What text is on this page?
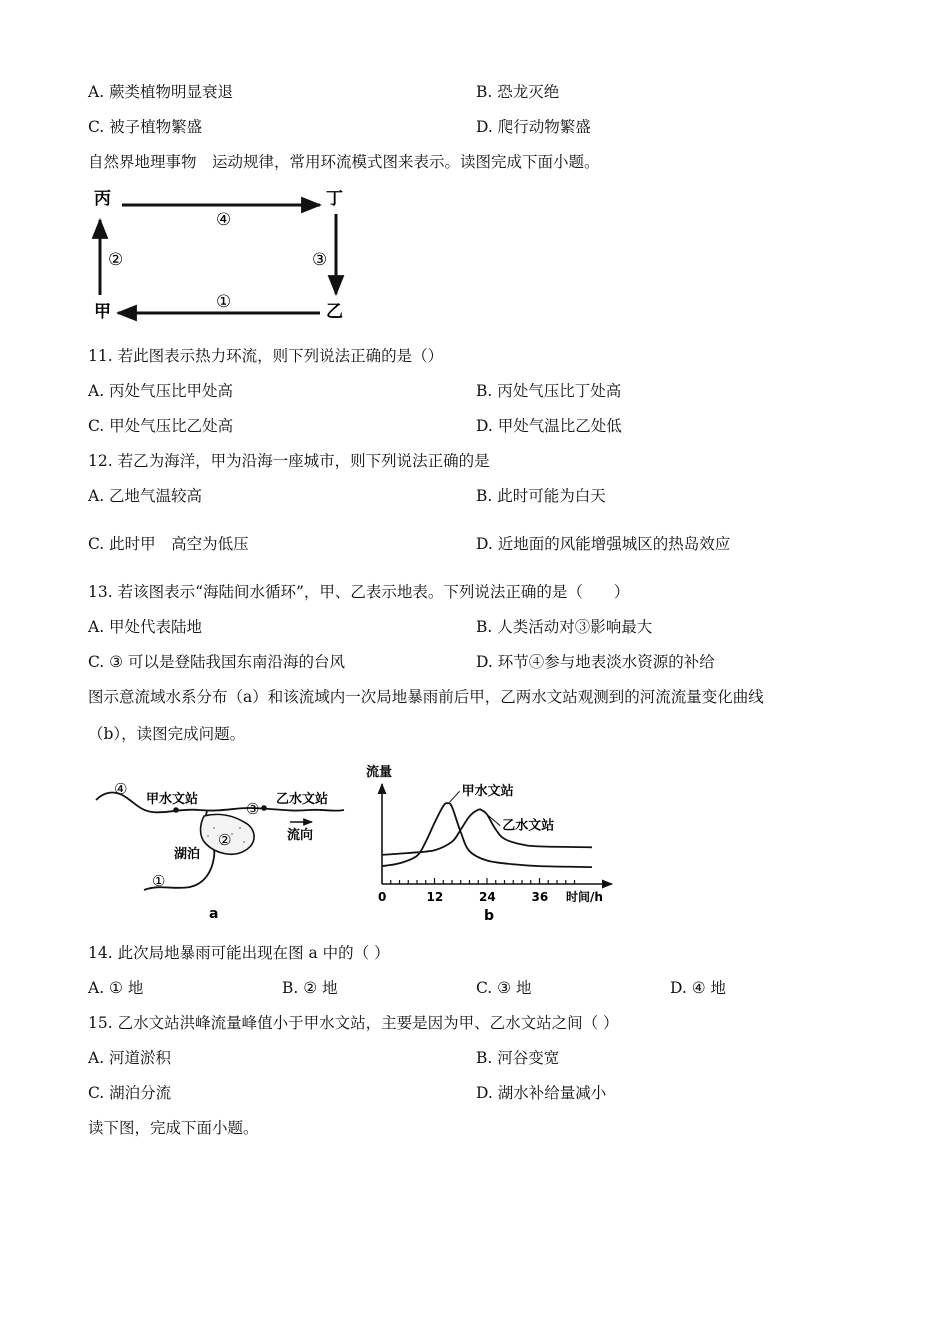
A. 蕨类植物明显衰退	B. 恐龙灭绝
C. 被子植物繁盛	D. 爬行动物繁盛
自然界地理事物　运动规律，常用环流模式图来表示。读图完成下面小题。
丙	丁
甲	乙
④
③
②
①
11. 若此图表示热力环流，则下列说法正确的是（）
A. 丙处气压比甲处高	B. 丙处气压比丁处高
C. 甲处气压比乙处高	D. 甲处气温比乙处低
12. 若乙为海洋，甲为沿海一座城市，则下列说法正确的是
A. 乙地气温较高	B. 此时可能为白天
C. 此时甲　高空为低压	D. 近地面的风能增强城区的热岛效应
13. 若该图表示“海陆间水循环”，甲、乙表示地表。下列说法正确的是（　　）
A. 甲处代表陆地	B. 人类活动对③影响最大
C. ③ 可以是登陆我国东南沿海的台风	D. 环节④参与地表淡水资源的补给
图示意流域水系分布（a）和该流域内一次局地暴雨前后甲，乙两水文站观测到的河流流量变化曲线
（b），读图完成问题。
④
甲水文站
③
乙水文站
流向
②
湖泊
①
a
流量
b
0	12	24	36 时间/h
甲水文站
乙水文站
14. 此次局地暴雨可能出现在图 a 中的（ ）
A. ① 地	B. ② 地	C. ③ 地	D. ④ 地
15. 乙水文站洪峰流量峰值小于甲水文站，主要是因为甲、乙水文站之间（ ）
A. 河道淤积	B. 河谷变宽
C. 湖泊分流	D. 湖水补给量减小
读下图，完成下面小题。
